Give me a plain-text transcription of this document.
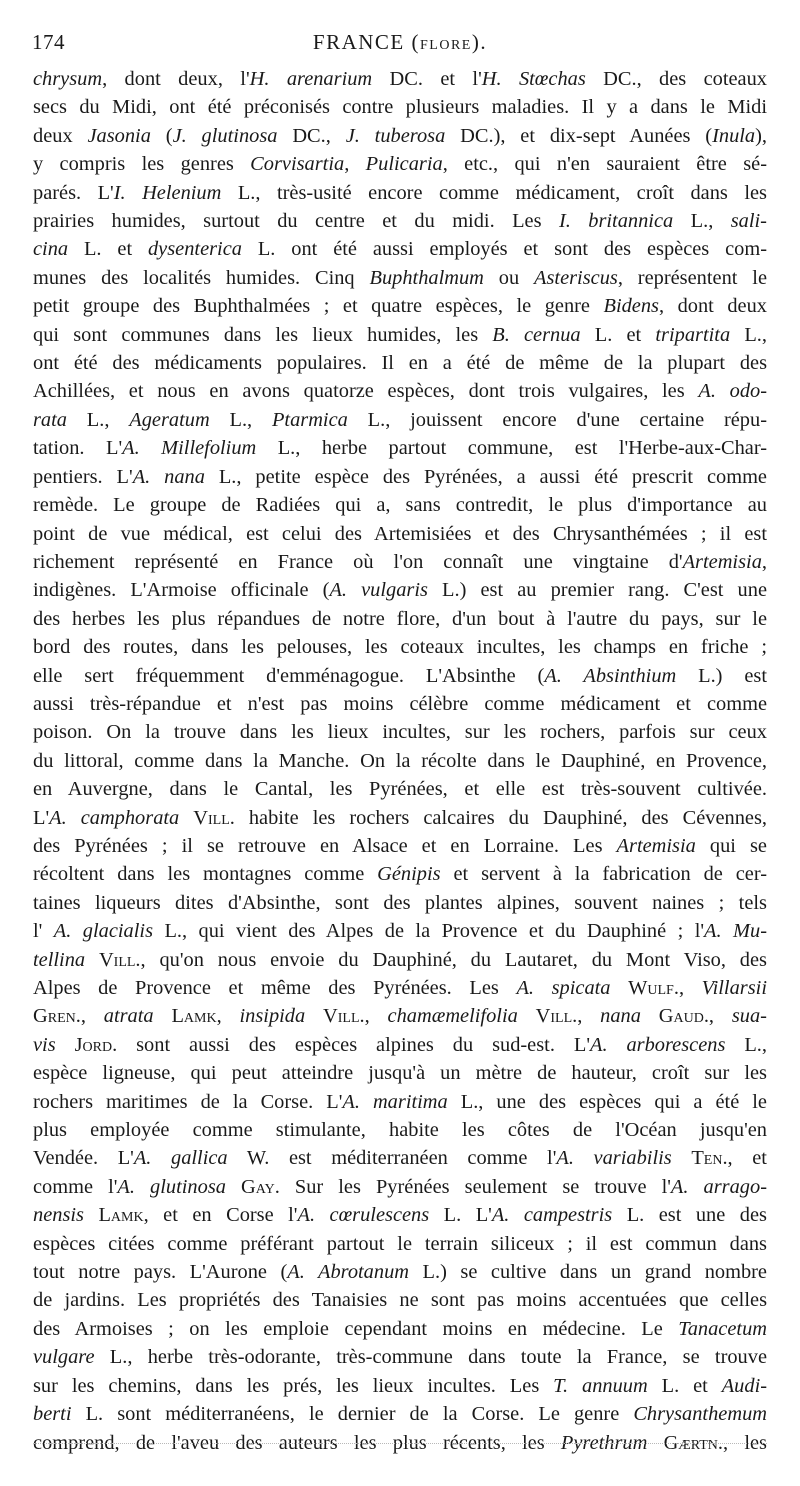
174	FRANCE (FLORE).
chrysum, dont deux, l'H. arenarium DC. et l'H. Stœchas DC., des coteaux
secs du Midi, ont été préconisés contre plusieurs maladies. Il y a dans le Midi
deux Jasonia (J. glutinosa DC., J. tuberosa DC.), et dix-sept Aunées (Inula),
y compris les genres Corvisartia, Pulicaria, etc., qui n'en sauraient être sé-
parés. L'I. Helenium L., très-usité encore comme médicament, croît dans les
prairies humides, surtout du centre et du midi. Les I. britannica L., sali-
cina L. et dysenterica L. ont été aussi employés et sont des espèces com-
munes des localités humides. Cinq Buphthalmum ou Asteriscus, représentent le
petit groupe des Buphthalmées ; et quatre espèces, le genre Bidens, dont deux
qui sont communes dans les lieux humides, les B. cernua L. et tripartita L.,
ont été des médicaments populaires. Il en a été de même de la plupart des
Achillées, et nous en avons quatorze espèces, dont trois vulgaires, les A. odo-
rata L., Ageratum L., Ptarmica L., jouissent encore d'une certaine répu-
tation. L'A. Millefolium L., herbe partout commune, est l'Herbe-aux-Char-
pentiers. L'A. nana L., petite espèce des Pyrénées, a aussi été prescrit comme
remède. Le groupe de Radiées qui a, sans contredit, le plus d'importance au
point de vue médical, est celui des Artemisiées et des Chrysanthémées ; il est
richement représenté en France où l'on connaît une vingtaine d'Artemisia,
indigènes. L'Armoise officinale (A. vulgaris L.) est au premier rang. C'est une
des herbes les plus répandues de notre flore, d'un bout à l'autre du pays, sur le
bord des routes, dans les pelouses, les coteaux incultes, les champs en friche ;
elle sert fréquemment d'emménagogue. L'Absinthe (A. Absinthium L.) est
aussi très-répandue et n'est pas moins célèbre comme médicament et comme
poison. On la trouve dans les lieux incultes, sur les rochers, parfois sur ceux
du littoral, comme dans la Manche. On la récolte dans le Dauphiné, en Provence,
en Auvergne, dans le Cantal, les Pyrénées, et elle est très-souvent cultivée.
L'A. camphorata Vill. habite les rochers calcaires du Dauphiné, des Cévennes,
des Pyrénées ; il se retrouve en Alsace et en Lorraine. Les Artemisia qui se
récoltent dans les montagnes comme Génipis et servent à la fabrication de cer-
taines liqueurs dites d'Absinthe, sont des plantes alpines, souvent naines ; tels
l' A. glacialis L., qui vient des Alpes de la Provence et du Dauphiné ; l'A. Mu-
tellina Vill., qu'on nous envoie du Dauphiné, du Lautaret, du Mont Viso, des
Alpes de Provence et même des Pyrénées. Les A. spicata Wulf., Villarsii
Gren., atrata Lamk, insipida Vill., chamæmelifolia Vill., nana Gaud., sua-
vis Jord. sont aussi des espèces alpines du sud-est. L'A. arborescens L.,
espèce ligneuse, qui peut atteindre jusqu'à un mètre de hauteur, croît sur les
rochers maritimes de la Corse. L'A. maritima L., une des espèces qui a été le
plus employée comme stimulante, habite les côtes de l'Océan jusqu'en
Vendée. L'A. gallica W. est méditerranéen comme l'A. variabilis Ten., et
comme l'A. glutinosa Gay. Sur les Pyrénées seulement se trouve l'A. arrago-
nensis Lamk, et en Corse l'A. cœrulescens L. L'A. campestris L. est une des
espèces citées comme préférant partout le terrain siliceux ; il est commun dans
tout notre pays. L'Aurone (A. Abrotanum L.) se cultive dans un grand nombre
de jardins. Les propriétés des Tanaisies ne sont pas moins accentuées que celles
des Armoises ; on les emploie cependant moins en médecine. Le Tanacetum
vulgare L., herbe très-odorante, très-commune dans toute la France, se trouve
sur les chemins, dans les prés, les lieux incultes. Les T. annuum L. et Audi-
berti L. sont méditerranéens, le dernier de la Corse. Le genre Chrysanthemum
comprend, de l'aveu des auteurs les plus récents, les Pyrethrum Gærtn., les
